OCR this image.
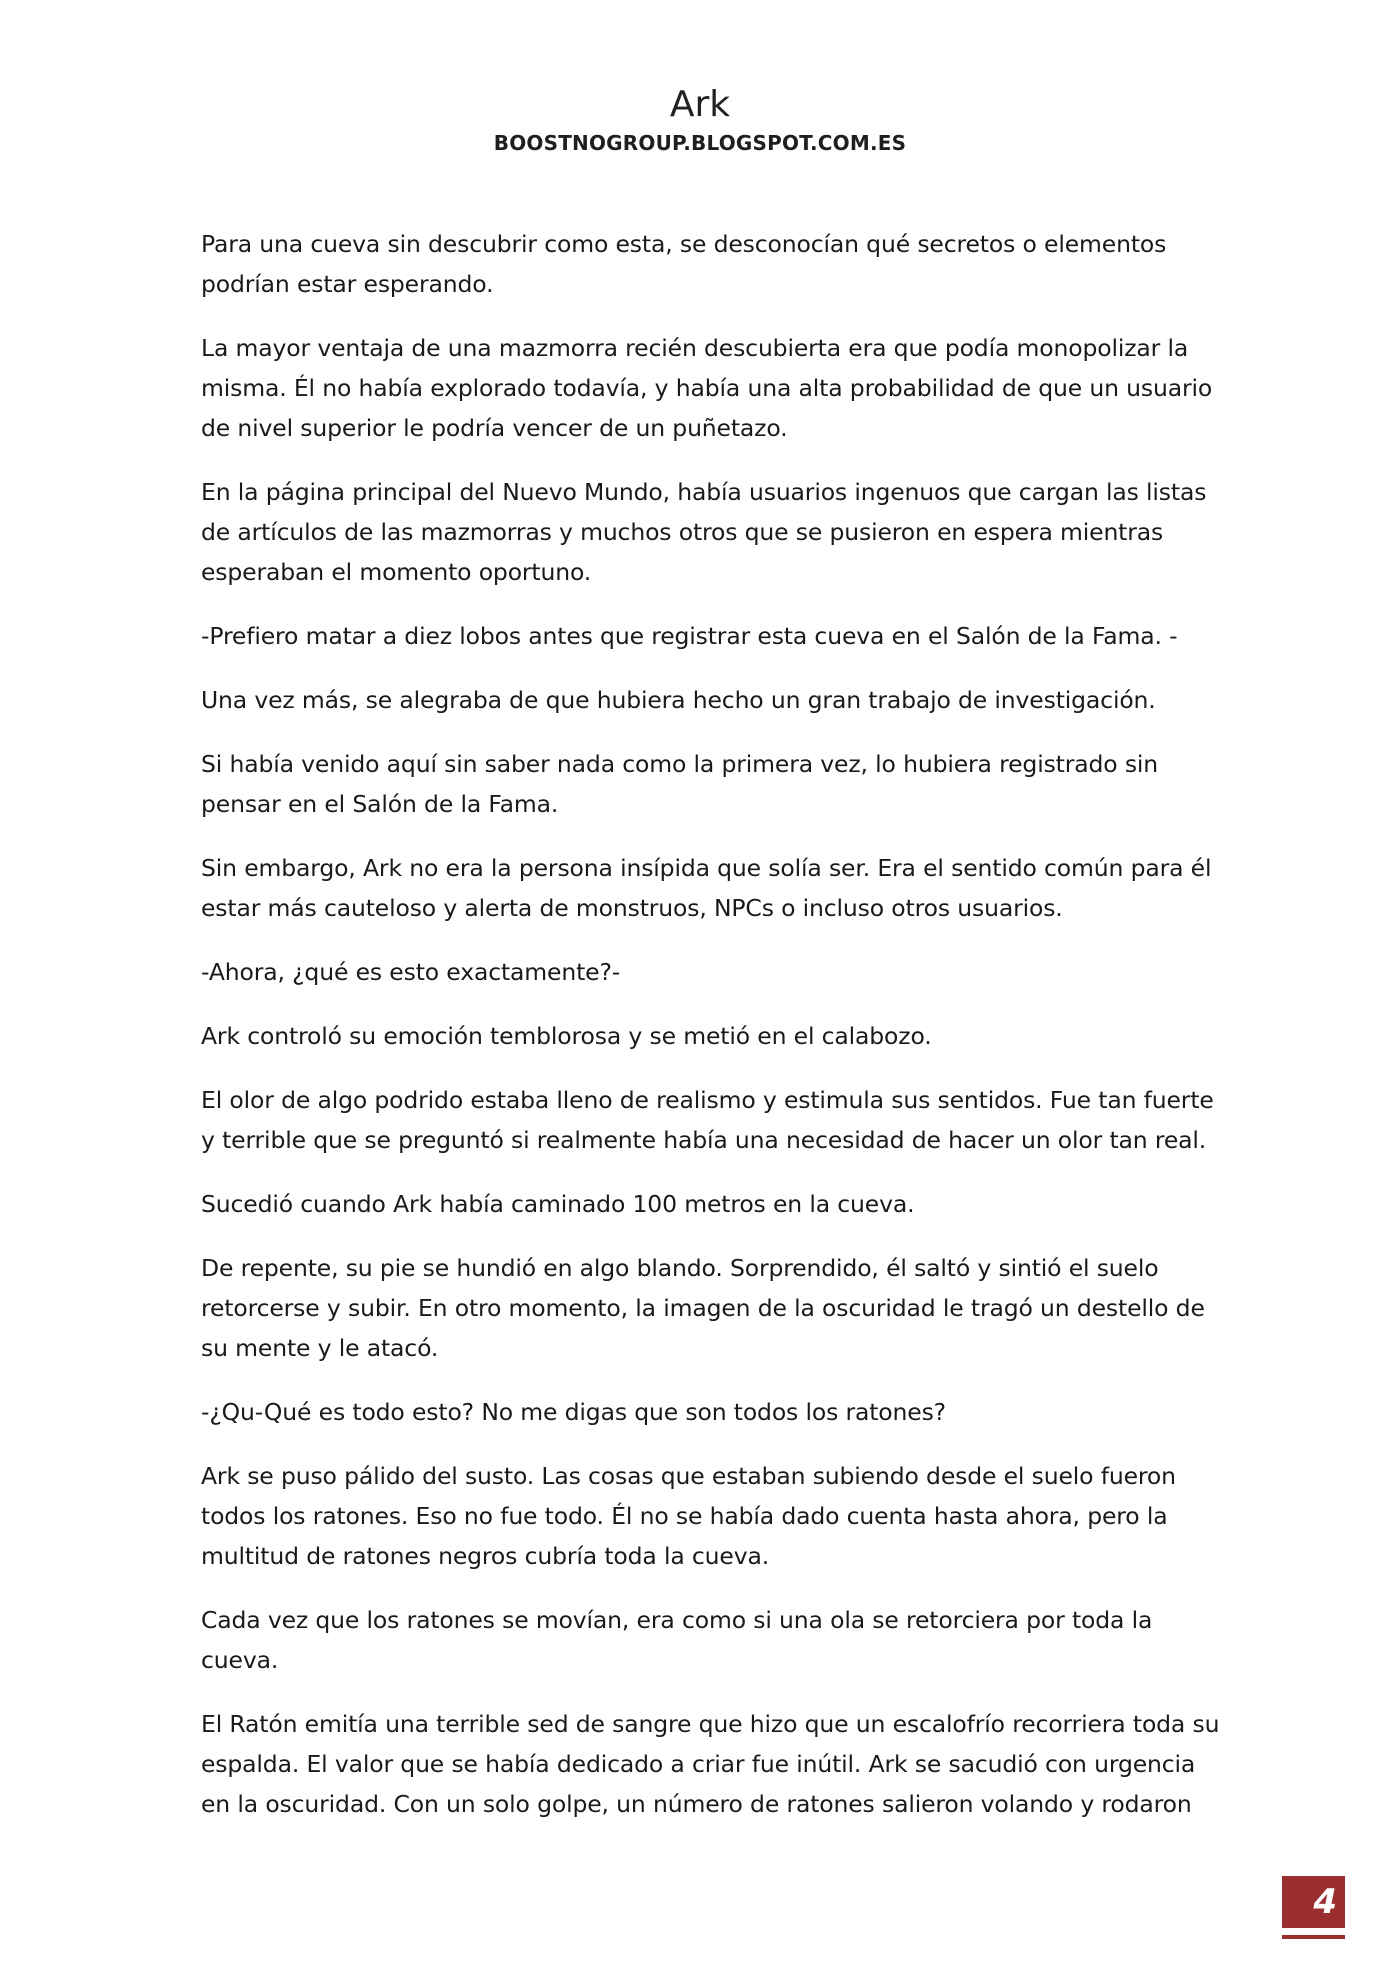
Ark
BOOSTNOGROUP.BLOGSPOT.COM.ES

Para una cueva sin descubrir como esta, se desconocían qué secretos o elementos
podrían estar esperando.

La mayor ventaja de una mazmorra recién descubierta era que podía monopolizar la
misma. Él no había explorado todavía, y había una alta probabilidad de que un usuario
de nivel superior le podría vencer de un puñetazo.

En la página principal del Nuevo Mundo, había usuarios ingenuos que cargan las listas
de artículos de las mazmorras y muchos otros que se pusieron en espera mientras
esperaban el momento oportuno.

-Prefiero matar a diez lobos antes que registrar esta cueva en el Salón de la Fama. -

Una vez más, se alegraba de que hubiera hecho un gran trabajo de investigación.

Si había venido aquí sin saber nada como la primera vez, lo hubiera registrado sin
pensar en el Salón de la Fama.

Sin embargo, Ark no era la persona insípida que solía ser. Era el sentido común para él
estar más cauteloso y alerta de monstruos, NPCs o incluso otros usuarios.

-Ahora, ¿qué es esto exactamente?-

Ark controló su emoción temblorosa y se metió en el calabozo.

El olor de algo podrido estaba lleno de realismo y estimula sus sentidos. Fue tan fuerte
y terrible que se preguntó si realmente había una necesidad de hacer un olor tan real.

Sucedió cuando Ark había caminado 100 metros en la cueva.

De repente, su pie se hundió en algo blando. Sorprendido, él saltó y sintió el suelo
retorcerse y subir. En otro momento, la imagen de la oscuridad le tragó un destello de
su mente y le atacó.

-¿Qu-Qué es todo esto? No me digas que son todos los ratones?

Ark se puso pálido del susto. Las cosas que estaban subiendo desde el suelo fueron
todos los ratones. Eso no fue todo. Él no se había dado cuenta hasta ahora, pero la
multitud de ratones negros cubría toda la cueva.

Cada vez que los ratones se movían, era como si una ola se retorciera por toda la
cueva.

El Ratón emitía una terrible sed de sangre que hizo que un escalofrío recorriera toda su
espalda. El valor que se había dedicado a criar fue inútil. Ark se sacudió con urgencia
en la oscuridad. Con un solo golpe, un número de ratones salieron volando y rodaron

4
